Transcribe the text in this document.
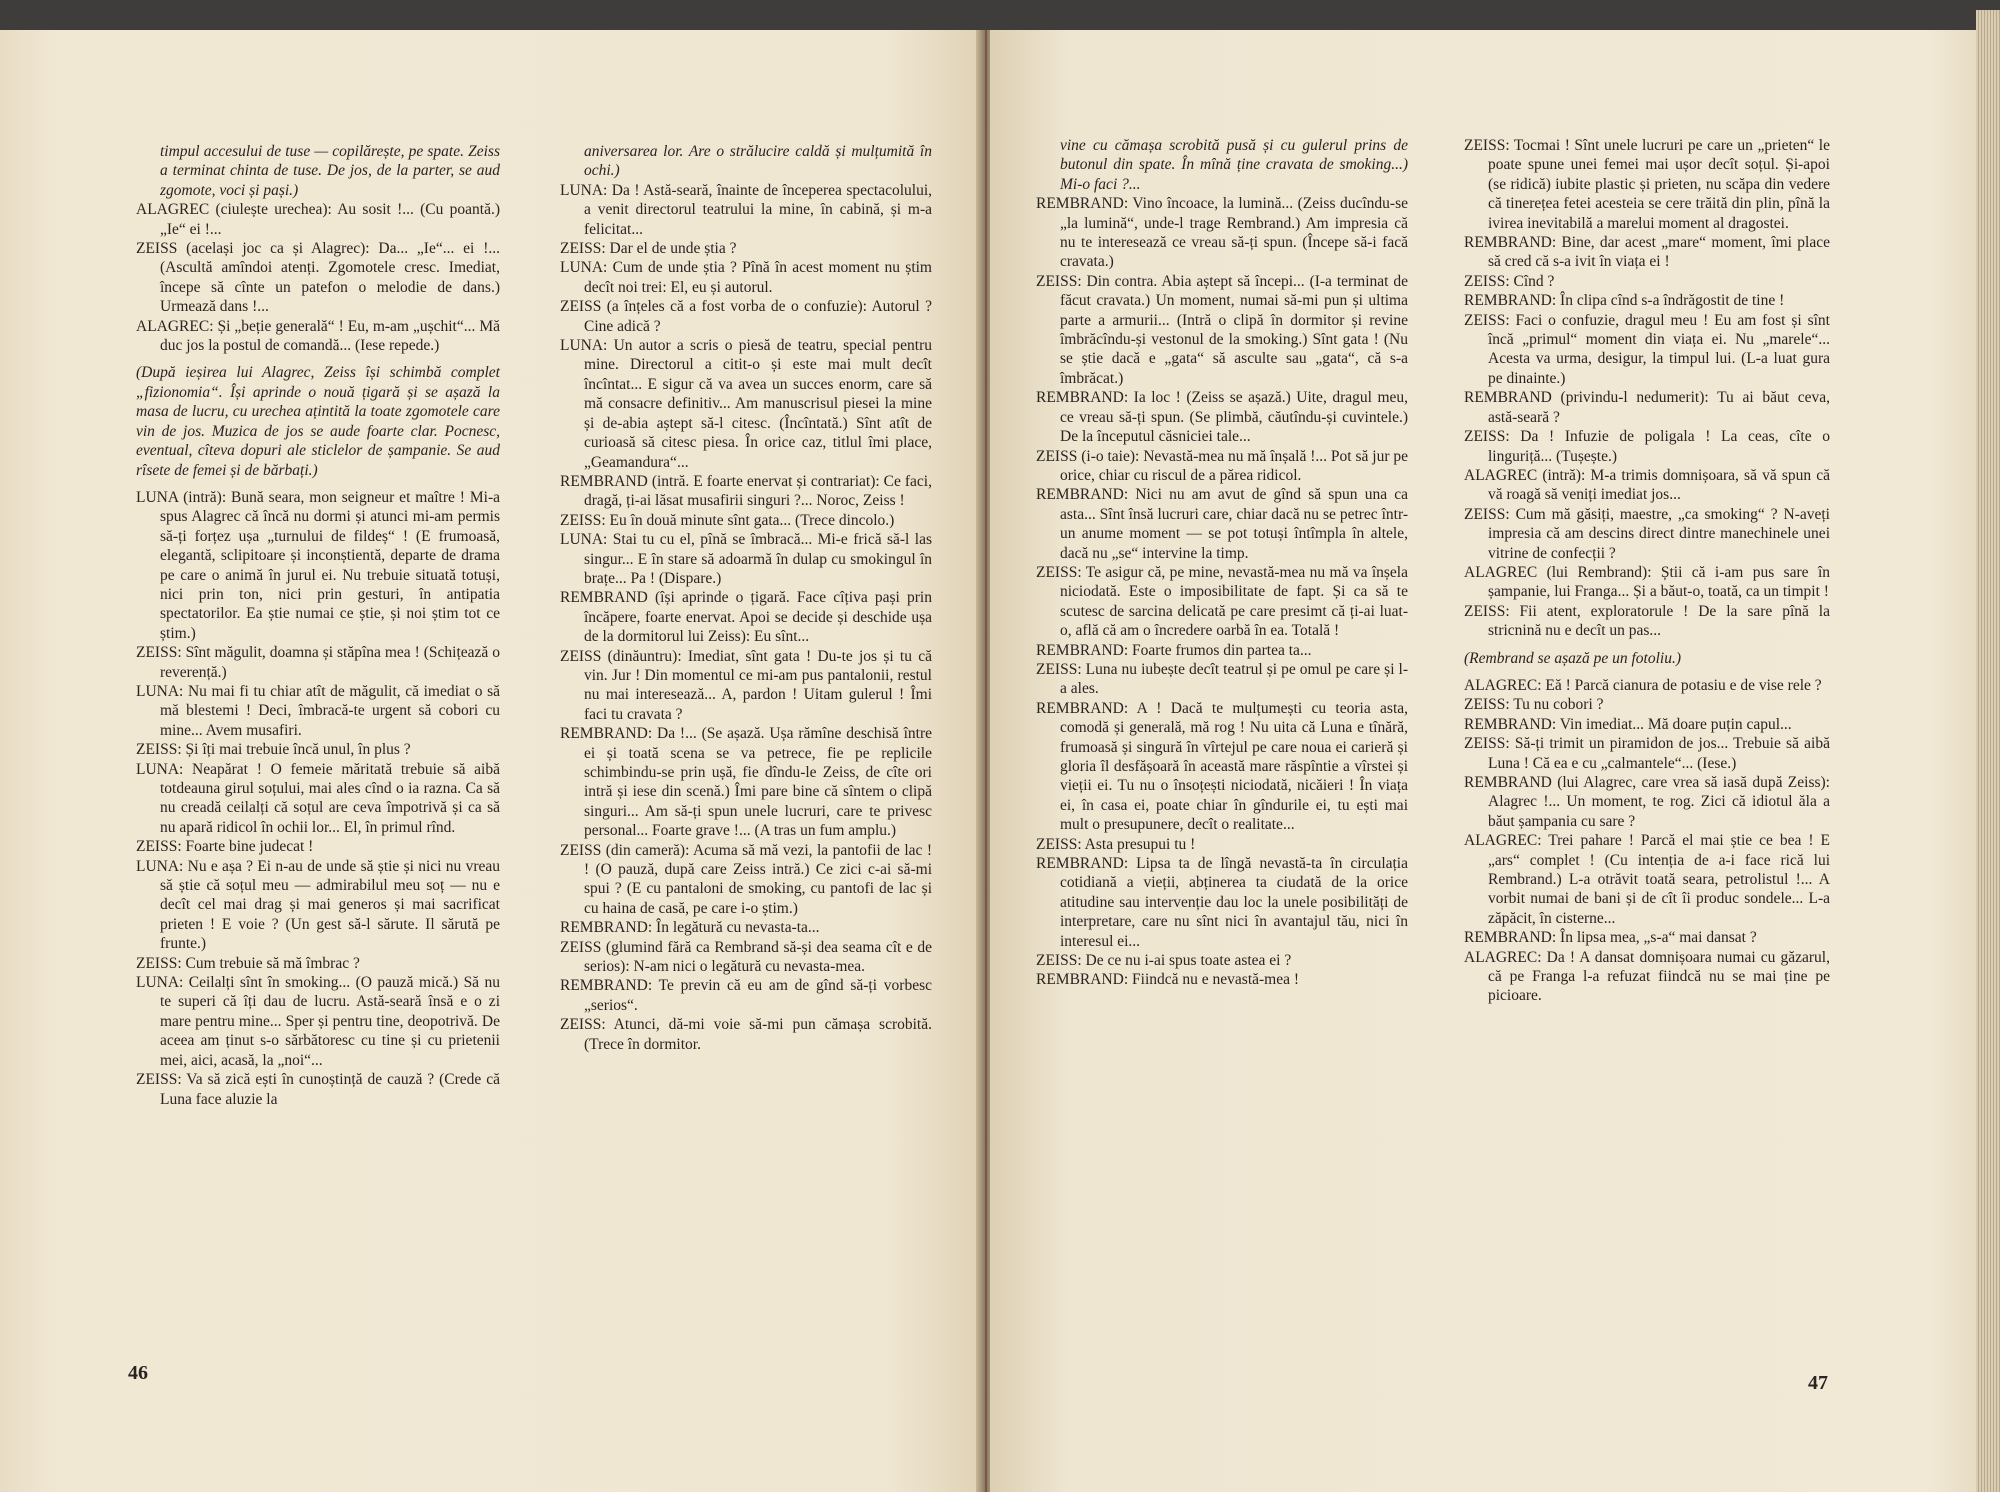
timpul accesului de tuse — copilărește, pe spate. Zeiss a terminat chinta de tuse. De jos, de la parter, se aud zgomote, voci și pași.)

ALAGREC (ciulește urechea): Au sosit !... (Cu poantă.) „Ie“ ei !...

ZEISS (același joc ca și Alagrec): Da... „Ie“... ei !... (Ascultă amîndoi atenți. Zgomotele cresc. Imediat, începe să cînte un patefon o melodie de dans.) Urmează dans !...

ALAGREC: Și „beție generală“ ! Eu, m-am „ușchit“... Mă duc jos la postul de comandă... (Iese repede.)

(După ieșirea lui Alagrec, Zeiss își schimbă complet „fizionomia“. Își aprinde o nouă țigară și se așază la masa de lucru, cu urechea ațintită la toate zgomotele care vin de jos. Muzica de jos se aude foarte clar. Pocnesc, eventual, cîteva dopuri ale sticlelor de șampanie. Se aud rîsete de femei și de bărbați.)

LUNA (intră): Bună seara, mon seigneur et maître ! Mi-a spus Alagrec că încă nu dormi și atunci mi-am permis să-ți forțez ușa „turnului de fildeș“ ! (E frumoasă, elegantă, sclipitoare și inconștientă, departe de drama pe care o animă în jurul ei. Nu trebuie situată totuși, nici prin ton, nici prin gesturi, în antipatia spectatorilor. Ea știe numai ce știe, și noi știm tot ce știm.)

ZEISS: Sînt măgulit, doamna și stăpîna mea ! (Schițează o reverență.)

LUNA: Nu mai fi tu chiar atît de măgulit, că imediat o să mă blestemi ! Deci, îmbracă-te urgent să cobori cu mine... Avem musafiri.

ZEISS: Și îți mai trebuie încă unul, în plus ?

LUNA: Neapărat ! O femeie măritată trebuie să aibă totdeauna girul soțului, mai ales cînd o ia razna. Ca să nu creadă ceilalți că soțul are ceva împotrivă și ca să nu apară ridicol în ochii lor... El, în primul rînd.

ZEISS: Foarte bine judecat !

LUNA: Nu e așa ? Ei n-au de unde să știe și nici nu vreau să știe că soțul meu — admirabilul meu soț — nu e decît cel mai drag și mai generos și mai sacrificat prieten ! E voie ? (Un gest să-l sărute. Il sărută pe frunte.)

ZEISS: Cum trebuie să mă îmbrac ?

LUNA: Ceilalți sînt în smoking... (O pauză mică.) Să nu te superi că îți dau de lucru. Astă-seară însă e o zi mare pentru mine... Sper și pentru tine, deopotrivă. De aceea am ținut s-o sărbătoresc cu tine și cu prietenii mei, aici, acasă, la „noi“...

ZEISS: Va să zică ești în cunoștință de cauză ? (Crede că Luna face aluzie la

aniversarea lor. Are o strălucire caldă și mulțumită în ochi.)

LUNA: Da ! Astă-seară, înainte de începerea spectacolului, a venit directorul teatrului la mine, în cabină, și m-a felicitat...

ZEISS: Dar el de unde știa ?

LUNA: Cum de unde știa ? Pînă în acest moment nu știm decît noi trei: El, eu și autorul.

ZEISS (a înțeles că a fost vorba de o confuzie): Autorul ? Cine adică ?

LUNA: Un autor a scris o piesă de teatru, special pentru mine. Directorul a citit-o și este mai mult decît încîntat... E sigur că va avea un succes enorm, care să mă consacre definitiv... Am manuscrisul piesei la mine și de-abia aștept să-l citesc. (Încîntată.) Sînt atît de curioasă să citesc piesa. În orice caz, titlul îmi place, „Geamandura“...

REMBRAND (intră. E foarte enervat și contrariat): Ce faci, dragă, ți-ai lăsat musafirii singuri ?... Noroc, Zeiss !

ZEISS: Eu în două minute sînt gata... (Trece dincolo.)

LUNA: Stai tu cu el, pînă se îmbracă... Mi-e frică să-l las singur... E în stare să adoarmă în dulap cu smokingul în brațe... Pa ! (Dispare.)

REMBRAND (își aprinde o țigară. Face cîțiva pași prin încăpere, foarte enervat. Apoi se decide și deschide ușa de la dormitorul lui Zeiss): Eu sînt...

ZEISS (dinăuntru): Imediat, sînt gata ! Du-te jos și tu că vin. Jur ! Din momentul ce mi-am pus pantalonii, restul nu mai interesează... A, pardon ! Uitam gulerul ! Îmi faci tu cravata ?

REMBRAND: Da !... (Se așază. Ușa rămîne deschisă între ei și toată scena se va petrece, fie pe replicile schimbindu-se prin ușă, fie dîndu-le Zeiss, de cîte ori intră și iese din scenă.) Îmi pare bine că sîntem o clipă singuri... Am să-ți spun unele lucruri, care te privesc personal... Foarte grave !... (A tras un fum amplu.)

ZEISS (din cameră): Acuma să mă vezi, la pantofii de lac ! ! (O pauză, după care Zeiss intră.) Ce zici c-ai să-mi spui ? (E cu pantaloni de smoking, cu pantofi de lac și cu haina de casă, pe care i-o știm.)

REMBRAND: În legătură cu nevasta-ta...

ZEISS (glumind fără ca Rembrand să-și dea seama cît e de serios): N-am nici o legătură cu nevasta-mea.

REMBRAND: Te previn că eu am de gînd să-ți vorbesc „serios“.

ZEISS: Atunci, dă-mi voie să-mi pun cămașa scrobită. (Trece în dormitor.

46

vine cu cămașa scrobită pusă și cu gulerul prins de butonul din spate. În mînă ține cravata de smoking...) Mi-o faci ?...

REMBRAND: Vino încoace, la lumină... (Zeiss ducîndu-se „la lumină“, unde-l trage Rembrand.) Am impresia că nu te interesează ce vreau să-ți spun. (Începe să-i facă cravata.)

ZEISS: Din contra. Abia aștept să începi... (I-a terminat de făcut cravata.) Un moment, numai să-mi pun și ultima parte a armurii... (Intră o clipă în dormitor și revine îmbrăcîndu-și vestonul de la smoking.) Sînt gata ! (Nu se știe dacă e „gata“ să asculte sau „gata“, că s-a îmbrăcat.)

REMBRAND: Ia loc ! (Zeiss se așază.) Uite, dragul meu, ce vreau să-ți spun. (Se plimbă, căutîndu-și cuvintele.) De la începutul căsniciei tale...

ZEISS (i-o taie): Nevastă-mea nu mă înșală !... Pot să jur pe orice, chiar cu riscul de a părea ridicol.

REMBRAND: Nici nu am avut de gînd să spun una ca asta... Sînt însă lucruri care, chiar dacă nu se petrec într-un anume moment — se pot totuși întîmpla în altele, dacă nu „se“ intervine la timp.

ZEISS: Te asigur că, pe mine, nevastă-mea nu mă va înșela niciodată. Este o imposibilitate de fapt. Și ca să te scutesc de sarcina delicată pe care presimt că ți-ai luat-o, află că am o încredere oarbă în ea. Totală !

REMBRAND: Foarte frumos din partea ta...

ZEISS: Luna nu iubește decît teatrul și pe omul pe care și l-a ales.

REMBRAND: A ! Dacă te mulțumești cu teoria asta, comodă și generală, mă rog ! Nu uita că Luna e tînără, frumoasă și singură în vîrtejul pe care noua ei carieră și gloria îl desfășoară în această mare răspîntie a vîrstei și vieții ei. Tu nu o însoțești niciodată, nicăieri ! În viața ei, în casa ei, poate chiar în gîndurile ei, tu ești mai mult o presupunere, decît o realitate...

ZEISS: Asta presupui tu !

REMBRAND: Lipsa ta de lîngă nevastă-ta în circulația cotidiană a vieții, abținerea ta ciudată de la orice atitudine sau intervenție dau loc la unele posibilități de interpretare, care nu sînt nici în avantajul tău, nici în interesul ei...

ZEISS: De ce nu i-ai spus toate astea ei ?

REMBRAND: Fiindcă nu e nevastă-mea !

ZEISS: Tocmai ! Sînt unele lucruri pe care un „prieten“ le poate spune unei femei mai ușor decît soțul. Și-apoi (se ridică) iubite plastic și prieten, nu scăpa din vedere că tinerețea fetei acesteia se cere trăită din plin, pînă la ivirea inevitabilă a marelui moment al dragostei.

REMBRAND: Bine, dar acest „mare“ moment, îmi place să cred că s-a ivit în viața ei !

ZEISS: Cînd ?

REMBRAND: În clipa cînd s-a îndrăgostit de tine !

ZEISS: Faci o confuzie, dragul meu ! Eu am fost și sînt încă „primul“ moment din viața ei. Nu „marele“... Acesta va urma, desigur, la timpul lui. (L-a luat gura pe dinainte.)

REMBRAND (privindu-l nedumerit): Tu ai băut ceva, astă-seară ?

ZEISS: Da ! Infuzie de poligala ! La ceas, cîte o linguriță... (Tușește.)

ALAGREC (intră): M-a trimis domnișoara, să vă spun că vă roagă să veniți imediat jos...

ZEISS: Cum mă găsiți, maestre, „ca smoking“ ? N-aveți impresia că am descins direct dintre manechinele unei vitrine de confecții ?

ALAGREC (lui Rembrand): Știi că i-am pus sare în șampanie, lui Franga... Și a băut-o, toată, ca un timpit !

ZEISS: Fii atent, exploratorule ! De la sare pînă la stricnină nu e decît un pas...

(Rembrand se așază pe un fotoliu.)

ALAGREC: Eă ! Parcă cianura de potasiu e de vise rele ?

ZEISS: Tu nu cobori ?

REMBRAND: Vin imediat... Mă doare puțin capul...

ZEISS: Să-ți trimit un piramidon de jos... Trebuie să aibă Luna ! Că ea e cu „calmantele“... (Iese.)

REMBRAND (lui Alagrec, care vrea să iasă după Zeiss): Alagrec !... Un moment, te rog. Zici că idiotul ăla a băut șampania cu sare ?

ALAGREC: Trei pahare ! Parcă el mai știe ce bea ! E „ars“ complet ! (Cu intenția de a-i face rică lui Rembrand.) L-a otrăvit toată seara, petrolistul !... A vorbit numai de bani și de cît îi produc sondele... L-a zăpăcit, în cisterne...

REMBRAND: În lipsa mea, „s-a“ mai dansat ?

ALAGREC: Da ! A dansat domnișoara numai cu găzarul, că pe Franga l-a refuzat fiindcă nu se mai ține pe picioare.

47
